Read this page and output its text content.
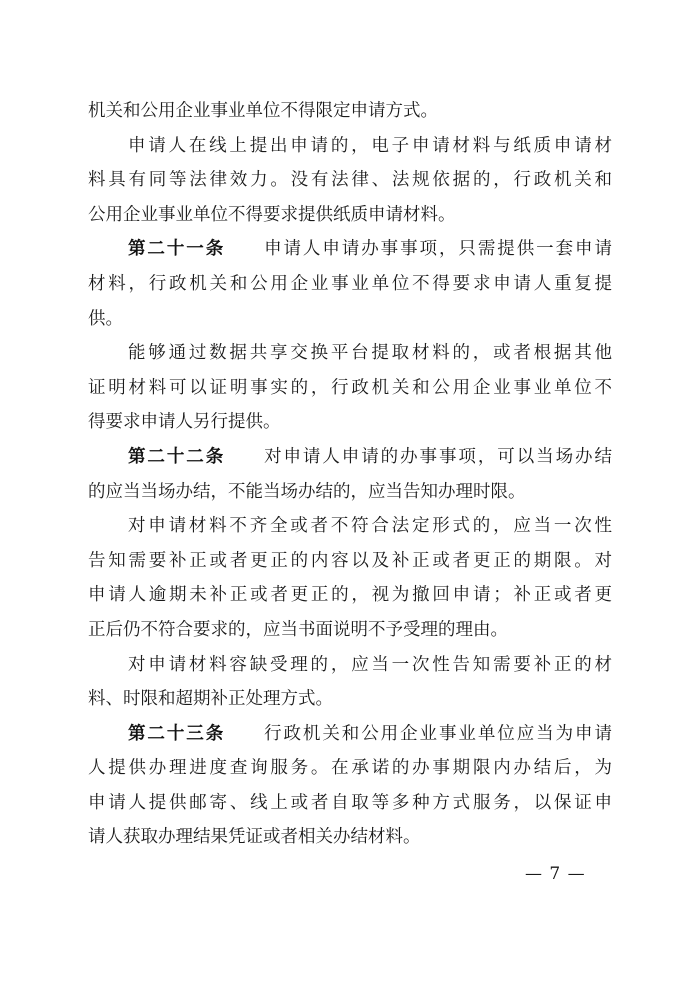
机关和公用企业事业单位不得限定申请方式。
申请人在线上提出申请的，电子申请材料与纸质申请材
料具有同等法律效力。没有法律、法规依据的，行政机关和
公用企业事业单位不得要求提供纸质申请材料。
第二十一条　　 申请人申请办事事项，只需提供一套申请
材料，行政机关和公用企业事业单位不得要求申请人重复提
供。
能够通过数据共享交换平台提取材料的，或者根据其他
证明材料可以证明事实的，行政机关和公用企业事业单位不
得要求申请人另行提供。
第二十二条　　 对申请人申请的办事事项，可以当场办结
的应当当场办结，不能当场办结的，应当告知办理时限。
对申请材料不齐全或者不符合法定形式的，应当一次性
告知需要补正或者更正的内容以及补正或者更正的期限。对
申请人逾期未补正或者更正的，视为撤回申请；补正或者更
正后仍不符合要求的，应当书面说明不予受理的理由。
对申请材料容缺受理的，应当一次性告知需要补正的材
料、时限和超期补正处理方式。
第二十三条　　 行政机关和公用企业事业单位应当为申请
人提供办理进度查询服务。在承诺的办事期限内办结后，为
申请人提供邮寄、线上或者自取等多种方式服务，以保证申
请人获取办理结果凭证或者相关办结材料。
— 7 —
